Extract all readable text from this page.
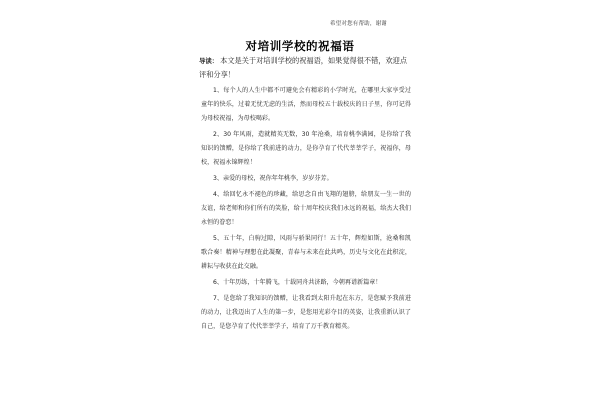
希望对您有帮助，谢谢
对培训学校的祝福语
导读： 本文是关于对培训学校的祝福语，如果觉得很不错，欢迎点评和分享！

1、每个人的人生中都不可避免会有精彩的小学时光，在哪里大家享受过童年的快乐，过着无忧无虑的生活，然而母校五十载校庆的日子里，你可记得为母校祝福，为母校喝彩。

2、30 年风雨，造就精英无数，30 年沧桑，培育桃李满园，是你给了我知识的馈赠，是你给了我前进的动力，是你孕育了代代莘莘学子，祝福你，母校，祝福永锦辉煌！

3、亲爱的母校，祝你年年桃李，岁岁芬芳。

4、给回忆永不褪色的珍藏，给思念自由飞翔的翅膀，给朋友一生一世的友谊，给老师和你们所有的笑脸，给十周年校庆我们永远的祝福，给杰大我们永恒的眷恋！

5、五十年，白驹过隙，风雨与骄果同行！五十年，辉煌如斯，沧桑和凯歌合奏！精神与理想在此凝聚，青春与未来在此共鸣，历史与文化在此积淀，耕耘与收获在此交融。

6、十年历练，十年腾飞，十载同舟共济路，今朝再谱新篇章！

7、是您给了我知识的馈赠，让我看到太阳升起在东方，是您赋予我前进的动力，让我迈出了人生的第一步，是您用光彩夺目的英姿，让我重新认识了自己，是您孕育了代代莘莘学子，培育了万千教育精英。
